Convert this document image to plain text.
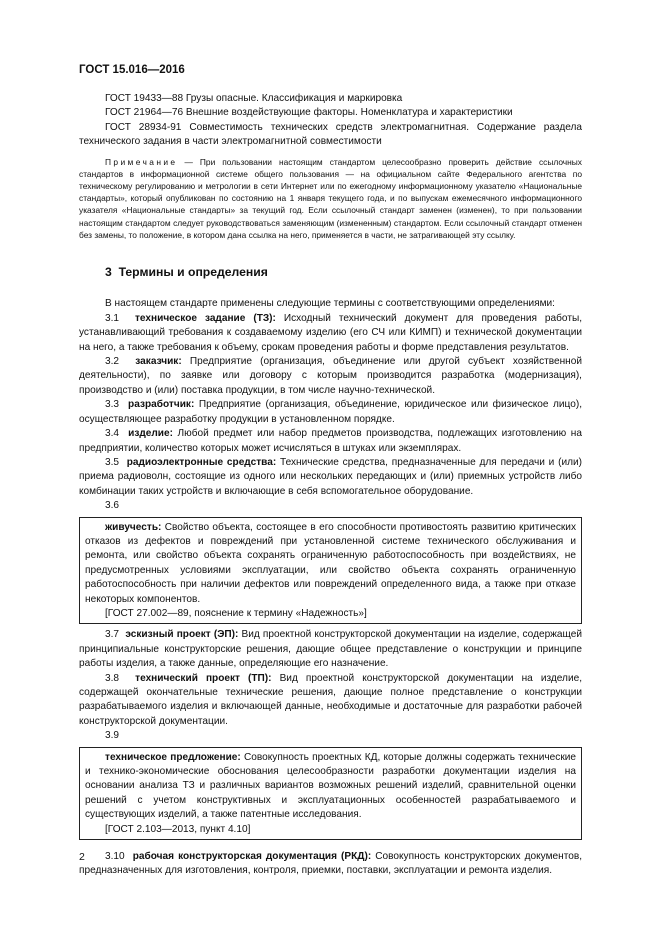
ГОСТ 15.016—2016

ГОСТ 19433—88 Грузы опасные. Классификация и маркировка

ГОСТ 21964—76 Внешние воздействующие факторы. Номенклатура и характеристики

ГОСТ 28934-91 Совместимость технических средств электромагнитная. Содержание раздела технического задания в части электромагнитной совместимости

Примечание — При пользовании настоящим стандартом целесообразно проверить действие ссылочных стандартов в информационной системе общего пользования — на официальном сайте Федерального агентства по техническому регулированию и метрологии в сети Интернет или по ежегодному информационному указателю «Национальные стандарты», который опубликован по состоянию на 1 января текущего года, и по выпускам ежемесячного информационного указателя «Национальные стандарты» за текущий год. Если ссылочный стандарт заменен (изменен), то при пользовании настоящим стандартом следует руководствоваться заменяющим (измененным) стандартом. Если ссылочный стандарт отменен без замены, то положение, в котором дана ссылка на него, применяется в части, не затрагивающей эту ссылку.

3 Термины и определения

В настоящем стандарте применены следующие термины с соответствующими определениями:

3.1 техническое задание (ТЗ): Исходный технический документ для проведения работы, устанавливающий требования к создаваемому изделию (его СЧ или КИМП) и технической документации на него, а также требования к объему, срокам проведения работы и форме представления результатов.

3.2 заказчик: Предприятие (организация, объединение или другой субъект хозяйственной деятельности), по заявке или договору с которым производится разработка (модернизация), производство и (или) поставка продукции, в том числе научно-технической.

3.3 разработчик: Предприятие (организация, объединение, юридическое или физическое лицо), осуществляющее разработку продукции в установленном порядке.

3.4 изделие: Любой предмет или набор предметов производства, подлежащих изготовлению на предприятии, количество которых может исчисляться в штуках или экземплярах.

3.5 радиоэлектронные средства: Технические средства, предназначенные для передачи и (или) приема радиоволн, состоящие из одного или нескольких передающих и (или) приемных устройств либо комбинации таких устройств и включающие в себя вспомогательное оборудование.

3.6

живучесть: Свойство объекта, состоящее в его способности противостоять развитию критических отказов из дефектов и повреждений при установленной системе технического обслуживания и ремонта, или свойство объекта сохранять ограниченную работоспособность при воздействиях, не предусмотренных условиями эксплуатации, или свойство объекта сохранять ограниченную работоспособность при наличии дефектов или повреждений определенного вида, а также при отказе некоторых компонентов.

[ГОСТ 27.002—89, пояснение к термину «Надежность»]

3.7 эскизный проект (ЭП): Вид проектной конструкторской документации на изделие, содержащей принципиальные конструкторские решения, дающие общее представление о конструкции и принципе работы изделия, а также данные, определяющие его назначение.

3.8 технический проект (ТП): Вид проектной конструкторской документации на изделие, содержащей окончательные технические решения, дающие полное представление о конструкции разрабатываемого изделия и включающей данные, необходимые и достаточные для разработки рабочей конструкторской документации.

3.9

техническое предложение: Совокупность проектных КД, которые должны содержать технические и технико-экономические обоснования целесообразности разработки документации изделия на основании анализа ТЗ и различных вариантов возможных решений изделий, сравнительной оценки решений с учетом конструктивных и эксплуатационных особенностей разрабатываемого и существующих изделий, а также патентные исследования.

[ГОСТ 2.103—2013, пункт 4.10]

3.10 рабочая конструкторская документация (РКД): Совокупность конструкторских документов, предназначенных для изготовления, контроля, приемки, поставки, эксплуатации и ремонта изделия.

2
